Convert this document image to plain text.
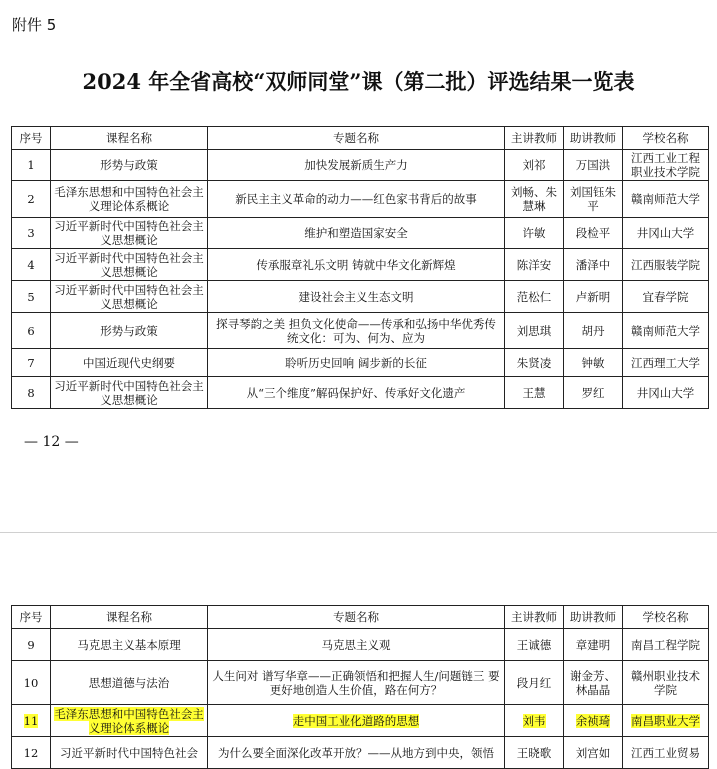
附件 5
2024 年全省高校“双师同堂”课（第二批）评选结果一览表
序号	课程名称	专题名称	主讲教师	助讲教师	学校名称
1	形势与政策	加快发展新质生产力	刘祁	万国洪	江西工业工程职业技术学院
2	毛泽东思想和中国特色社会主义理论体系概论	新民主主义革命的动力——红色家书背后的故事	刘畅、朱慧琳	刘国钰朱平	赣南师范大学
3	习近平新时代中国特色社会主义思想概论	维护和塑造国家安全	许敏	段检平	井冈山大学
4	习近平新时代中国特色社会主义思想概论	传承服章礼乐文明 铸就中华文化新辉煌	陈洋安	潘泽中	江西服装学院
5	习近平新时代中国特色社会主义思想概论	建设社会主义生态文明	范松仁	卢新明	宜春学院
6	形势与政策	探寻琴韵之美 担负文化使命——传承和弘扬中华优秀传统文化：可为、何为、应为	刘思琪	胡丹	赣南师范大学
7	中国近现代史纲要	聆听历史回响 阔步新的长征	朱贤凌	钟敏	江西理工大学
8	习近平新时代中国特色社会主义思想概论	从“三个维度”解码保护好、传承好文化遗产	王慧	罗红	井冈山大学
— 12 —
序号	课程名称	专题名称	主讲教师	助讲教师	学校名称
9	马克思主义基本原理	马克思主义观	王诚德	章建明	南昌工程学院
10	思想道德与法治	人生问对 谱写华章——正确领悟和把握人生/问题链三 要更好地创造人生价值，路在何方？	段月红	谢金芳、林晶晶	赣州职业技术学院
11	毛泽东思想和中国特色社会主义理论体系概论	走中国工业化道路的思想	刘韦	余祯琦	南昌职业大学
12	习近平新时代中国特色社会	为什么要全面深化改革开放？——从地方到中央，领悟	王晓歌	刘宫如	江西工业贸易
